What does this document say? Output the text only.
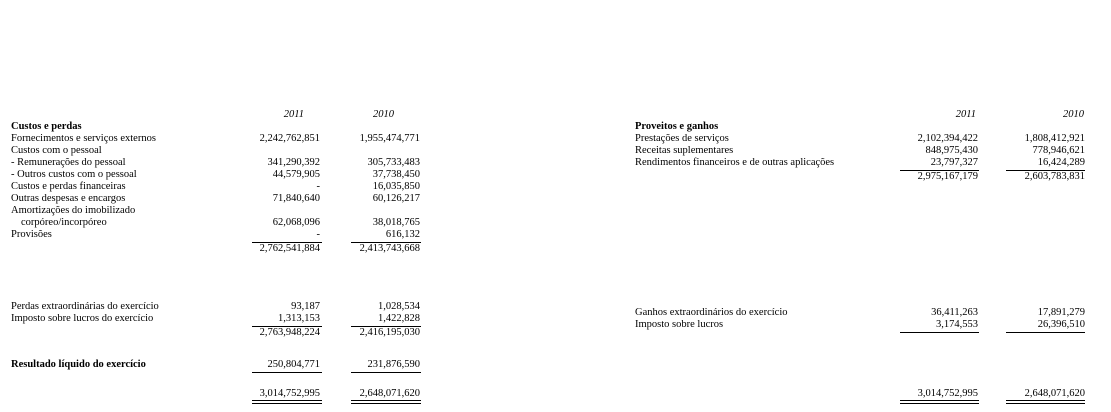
2011	2010
Custos e perdas
Fornecimentos e serviços externos	2,242,762,851	1,955,474,771
Custos com o pessoal
- Remunerações do pessoal	341,290,392	305,733,483
- Outros custos com o pessoal	44,579,905	37,738,450
Custos e perdas financeiras	-	16,035,850
Outras despesas e encargos	71,840,640	60,126,217
Amortizações do imobilizado
corpóreo/incorpóreo	62,068,096	38,018,765
Provisões	-	616,132
2,762,541,884	2,413,743,668
Perdas extraordinárias do exercício	93,187	1,028,534
Imposto sobre lucros do exercício	1,313,153	1,422,828
2,763,948,224	2,416,195,030
Resultado líquido do exercício	250,804,771	231,876,590
3,014,752,995	2,648,071,620
2011	2010
Proveitos e ganhos
Prestações de serviços	2,102,394,422	1,808,412,921
Receitas suplementares	848,975,430	778,946,621
Rendimentos financeiros e de outras aplicações	23,797,327	16,424,289
2,975,167,179	2,603,783,831
Ganhos extraordinários do exercício	36,411,263	17,891,279
Imposto sobre lucros	3,174,553	26,396,510
3,014,752,995	2,648,071,620
